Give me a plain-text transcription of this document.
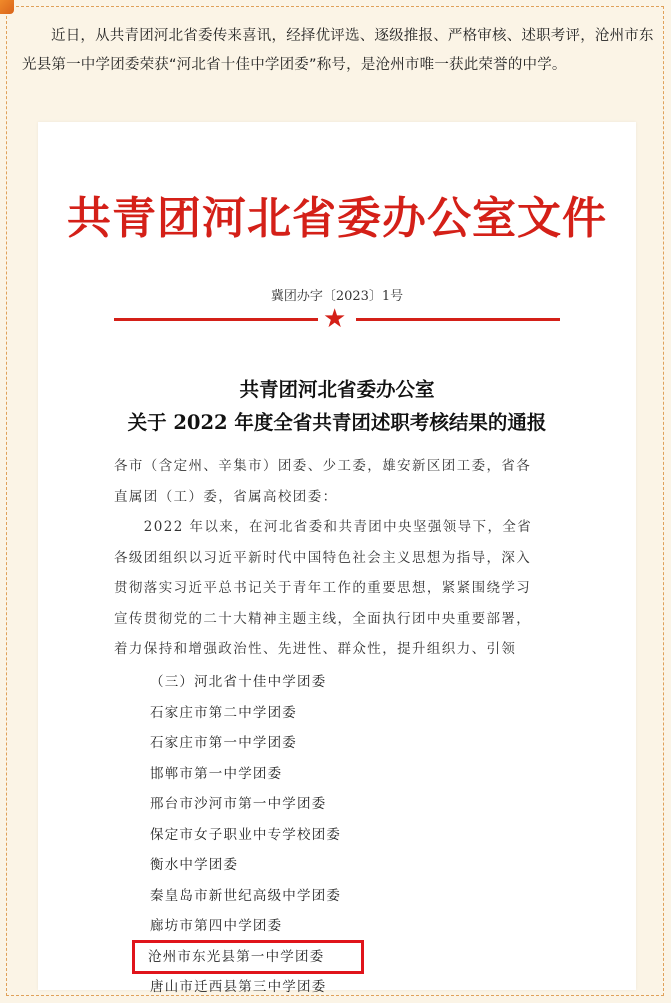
近日，从共青团河北省委传来喜讯，经择优评选、逐级推报、严格审核、述职考评，沧州市东光县第一中学团委荣获“河北省十佳中学团委”称号，是沧州市唯一获此荣誉的中学。

共青团河北省委办公室文件
冀团办字〔2023〕1号
★
共青团河北省委办公室
关于 2022 年度全省共青团述职考核结果的通报
各市（含定州、辛集市）团委、少工委，雄安新区团工委，省各
直属团（工）委，省属高校团委：
　　2022 年以来，在河北省委和共青团中央坚强领导下，全省
各级团组织以习近平新时代中国特色社会主义思想为指导，深入
贯彻落实习近平总书记关于青年工作的重要思想，紧紧围绕学习
宣传贯彻党的二十大精神主题主线，全面执行团中央重要部署，
着力保持和增强政治性、先进性、群众性，提升组织力、引领
（三）河北省十佳中学团委
石家庄市第二中学团委
石家庄市第一中学团委
邯郸市第一中学团委
邢台市沙河市第一中学团委
保定市女子职业中专学校团委
衡水中学团委
秦皇岛市新世纪高级中学团委
廊坊市第四中学团委
沧州市东光县第一中学团委
唐山市迁西县第三中学团委
